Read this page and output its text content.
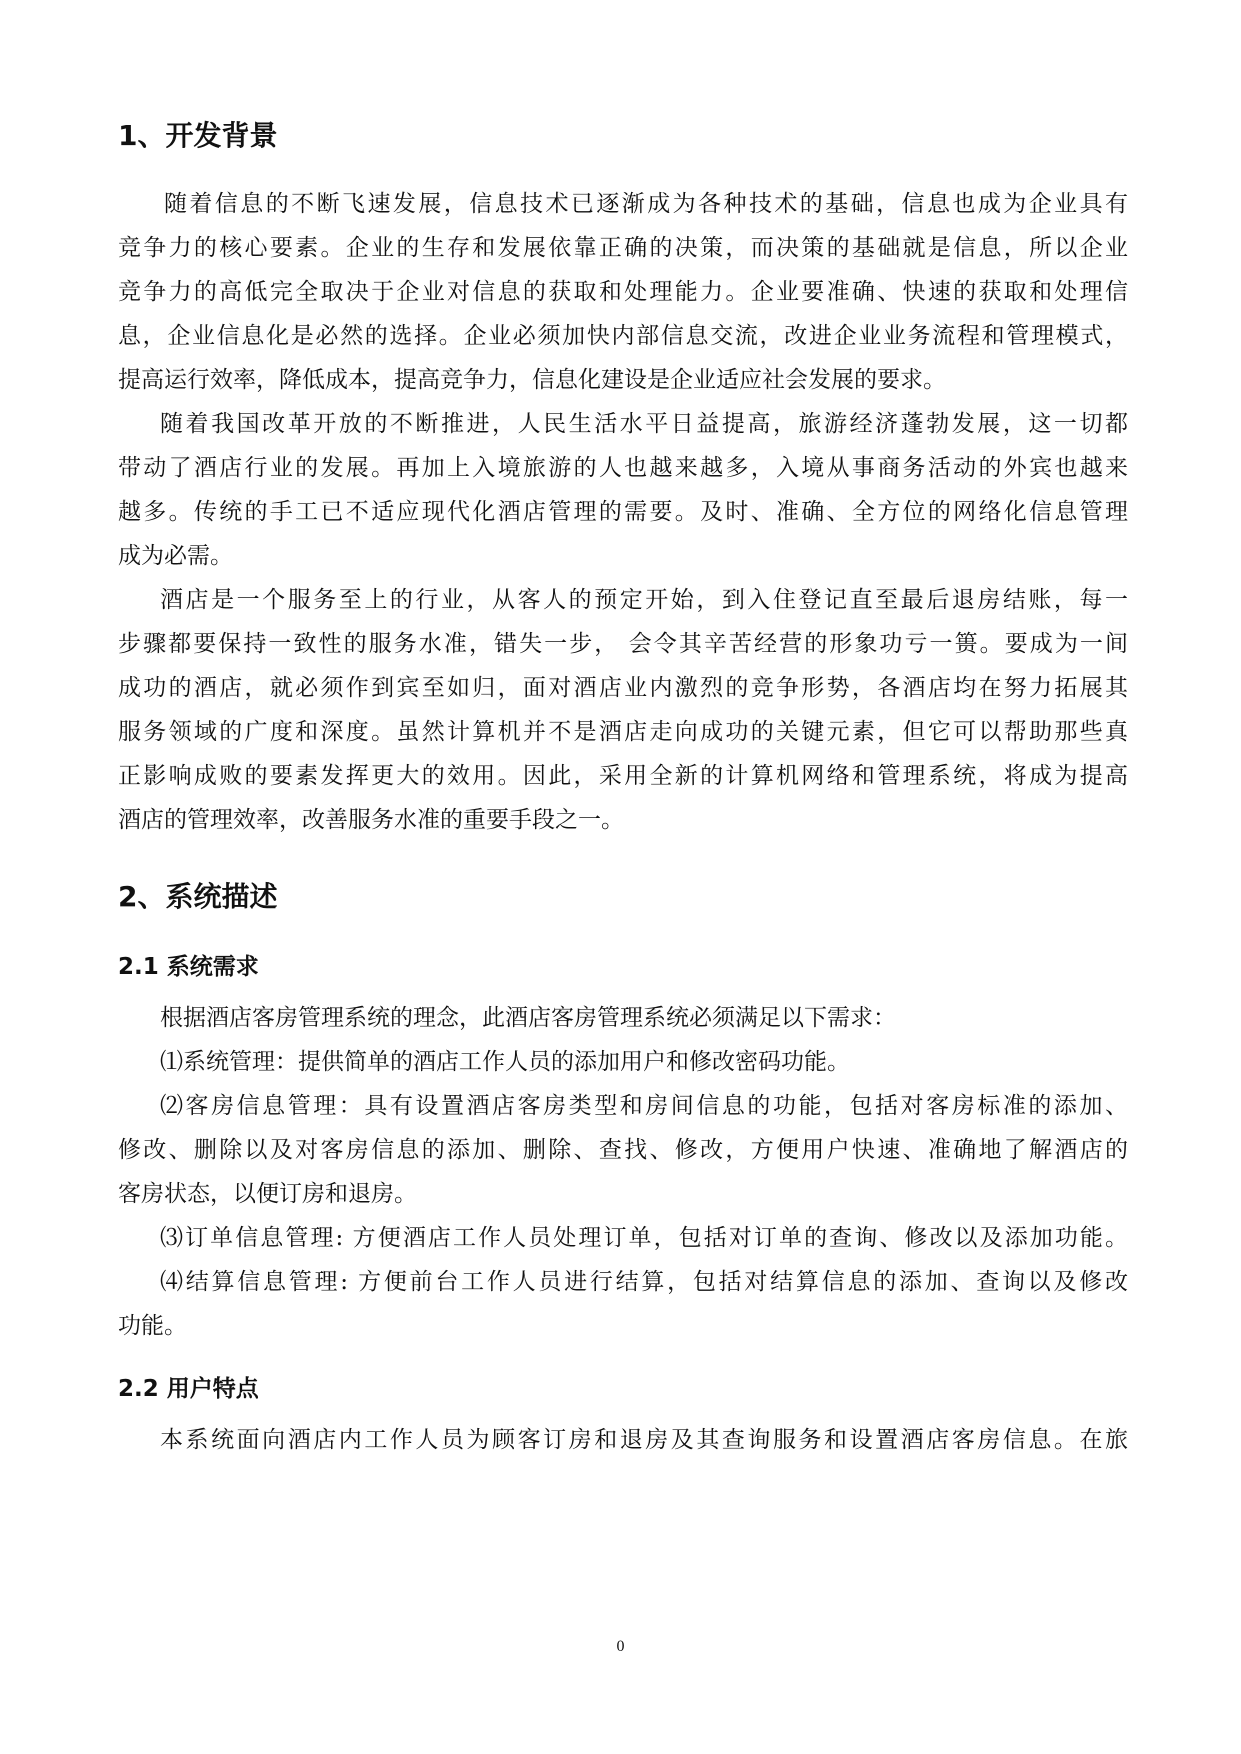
1、开发背景
随着信息的不断飞速发展，信息技术已逐渐成为各种技术的基础，信息也成为企业具有
竞争力的核心要素。企业的生存和发展依靠正确的决策，而决策的基础就是信息，所以企业
竞争力的高低完全取决于企业对信息的获取和处理能力。企业要准确、快速的获取和处理信
息，企业信息化是必然的选择。企业必须加快内部信息交流，改进企业业务流程和管理模式，
提高运行效率，降低成本，提高竞争力，信息化建设是企业适应社会发展的要求。
随着我国改革开放的不断推进，人民生活水平日益提高，旅游经济蓬勃发展，这一切都
带动了酒店行业的发展。再加上入境旅游的人也越来越多，入境从事商务活动的外宾也越来
越多。传统的手工已不适应现代化酒店管理的需要。及时、准确、全方位的网络化信息管理
成为必需。
酒店是一个服务至上的行业，从客人的预定开始，到入住登记直至最后退房结账，每一
步骤都要保持一致性的服务水准，错失一步， 会令其辛苦经营的形象功亏一篑。要成为一间
成功的酒店，就必须作到宾至如归，面对酒店业内激烈的竞争形势，各酒店均在努力拓展其
服务领域的广度和深度。虽然计算机并不是酒店走向成功的关键元素，但它可以帮助那些真
正影响成败的要素发挥更大的效用。因此，采用全新的计算机网络和管理系统，将成为提高
酒店的管理效率，改善服务水准的重要手段之一。
2、系统描述
2.1 系统需求
根据酒店客房管理系统的理念，此酒店客房管理系统必须满足以下需求：
⑴系统管理：提供简单的酒店工作人员的添加用户和修改密码功能。
⑵客房信息管理：具有设置酒店客房类型和房间信息的功能，包括对客房标准的添加、
修改、删除以及对客房信息的添加、删除、查找、修改，方便用户快速、准确地了解酒店的
客房状态，以便订房和退房。
⑶订单信息管理: 方便酒店工作人员处理订单，包括对订单的查询、修改以及添加功能。
⑷结算信息管理: 方便前台工作人员进行结算，包括对结算信息的添加、查询以及修改
功能。
2.2 用户特点
本系统面向酒店内工作人员为顾客订房和退房及其查询服务和设置酒店客房信息。在旅
0
